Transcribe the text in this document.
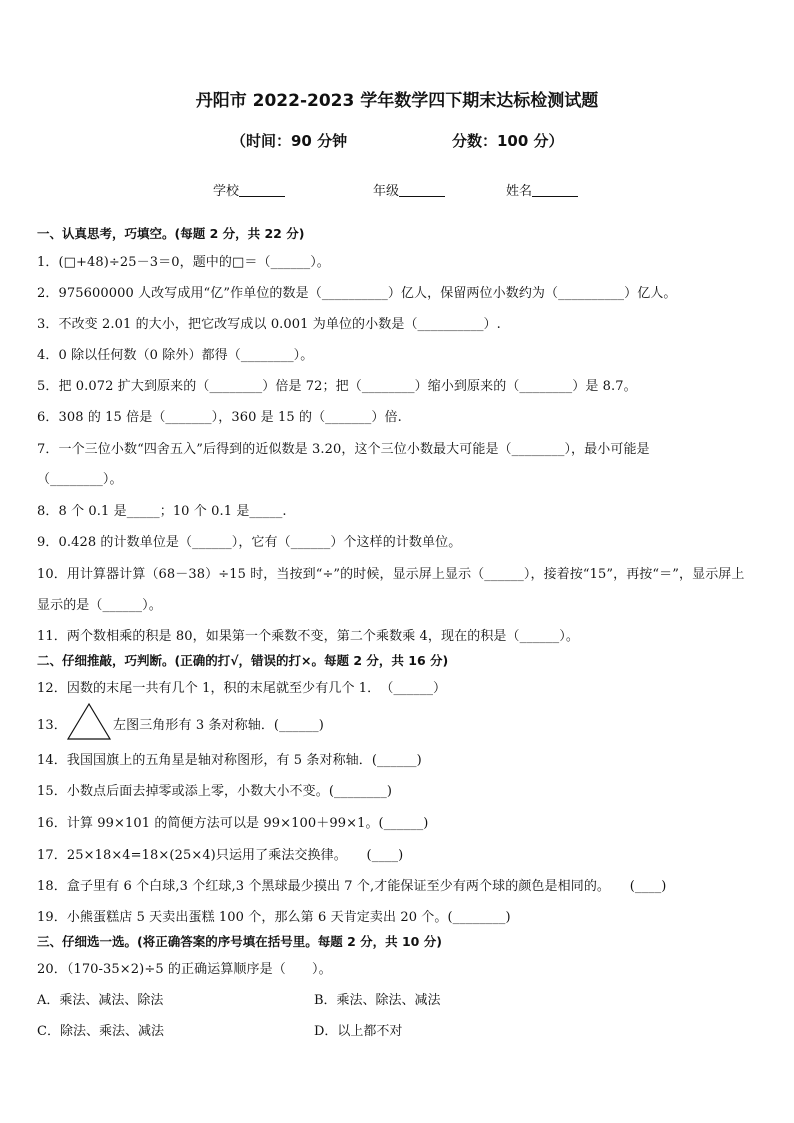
丹阳市 2022-2023 学年数学四下期末达标检测试题
（时间：90 分钟	分数：100 分）
学校	年级	姓名
一、认真思考，巧填空。(每题 2 分，共 22 分)
1．(□+48)÷25－3＝0，题中的□＝（______）。
2．975600000 人改写成用“亿”作单位的数是（__________）亿人，保留两位小数约为（__________）亿人。
3．不改变 2.01 的大小，把它改写成以 0.001 为单位的小数是（__________）.
4．0 除以任何数（0 除外）都得（________）。
5．把 0.072 扩大到原来的（________）倍是 72；把（________）缩小到原来的（________）是 8.7。
6．308 的 15 倍是（_______），360 是 15 的（_______）倍.
7．一个三位小数“四舍五入”后得到的近似数是 3.20，这个三位小数最大可能是（________），最小可能是
（________）。
8．8 个 0.1 是_____；10 个 0.1 是_____.
9．0.428 的计数单位是（______），它有（______）个这样的计数单位。
10．用计算器计算（68－38）÷15 时，当按到“÷”的时候，显示屏上显示（______），接着按“15”，再按“＝”，显示屏上
显示的是（______）。
11．两个数相乘的积是 80，如果第一个乘数不变，第二个乘数乘 4，现在的积是（______）。
二、仔细推敲，巧判断。(正确的打√，错误的打×。每题 2 分，共 16 分)
12．因数的末尾一共有几个 1，积的末尾就至少有几个 1．　（______）
13．	左图三角形有 3 条对称轴．(______)
14．我国国旗上的五角星是轴对称图形，有 5 条对称轴．(______)
15．小数点后面去掉零或添上零，小数大小不变。(________)
16．计算 99×101 的简便方法可以是 99×100＋99×1。(______)
17．25×18×4=18×(25×4)只运用了乘法交换律。　　(____)
18．盒子里有 6 个白球,3 个红球,3 个黑球最少摸出 7 个,才能保证至少有两个球的颜色是相同的。　　(____)
19．小熊蛋糕店 5 天卖出蛋糕 100 个，那么第 6 天肯定卖出 20 个。(________)
三、仔细选一选。(将正确答案的序号填在括号里。每题 2 分，共 10 分)
20．（170-35×2)÷5 的正确运算顺序是（　　）。
A．乘法、减法、除法	B．乘法、除法、减法
C．除法、乘法、减法	D．以上都不对
